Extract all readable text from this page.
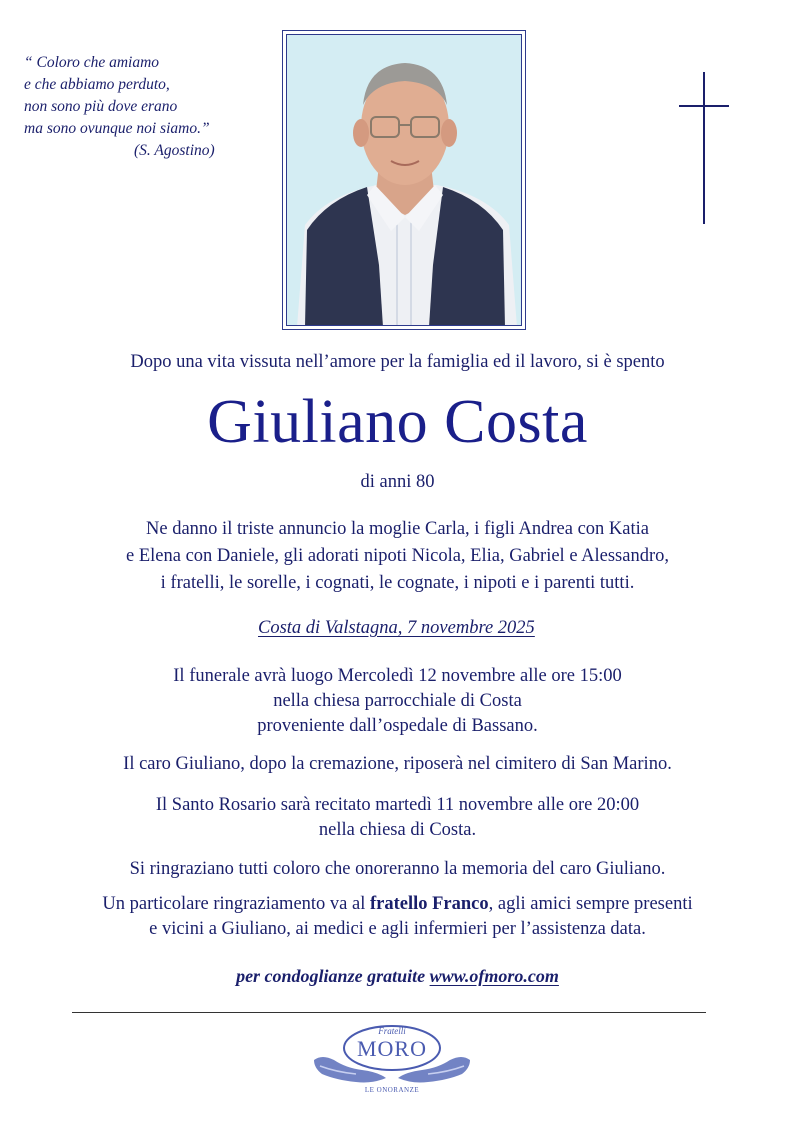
“ Coloro che amiamo
e che abbiamo perduto,
non sono più dove erano
ma sono ovunque noi siamo.”
(S. Agostino)
Dopo una vita vissuta nell’amore per la famiglia ed il lavoro, si è spento
Giuliano Costa
di anni 80
Ne danno il triste annuncio la moglie Carla, i figli Andrea con Katia
e Elena con Daniele, gli adorati nipoti Nicola, Elia, Gabriel e Alessandro,
i fratelli, le sorelle, i cognati, le cognate, i nipoti e i parenti tutti.
Costa di Valstagna, 7 novembre 2025
Il funerale avrà luogo Mercoledì 12 novembre alle ore 15:00
nella chiesa parrocchiale di Costa
proveniente dall’ospedale di Bassano.
Il caro Giuliano, dopo la cremazione, riposerà nel cimitero di San Marino.
Il Santo Rosario sarà recitato martedì 11 novembre alle ore 20:00
nella chiesa di Costa.
Si ringraziano tutti coloro che onoreranno la memoria del caro Giuliano.
Un particolare ringraziamento va al fratello Franco, agli amici sempre presenti
e vicini a Giuliano, ai medici e agli infermieri per l’assistenza data.
per condoglianze gratuite www.ofmoro.com
Fratelli
MORO
LE ONORANZE
